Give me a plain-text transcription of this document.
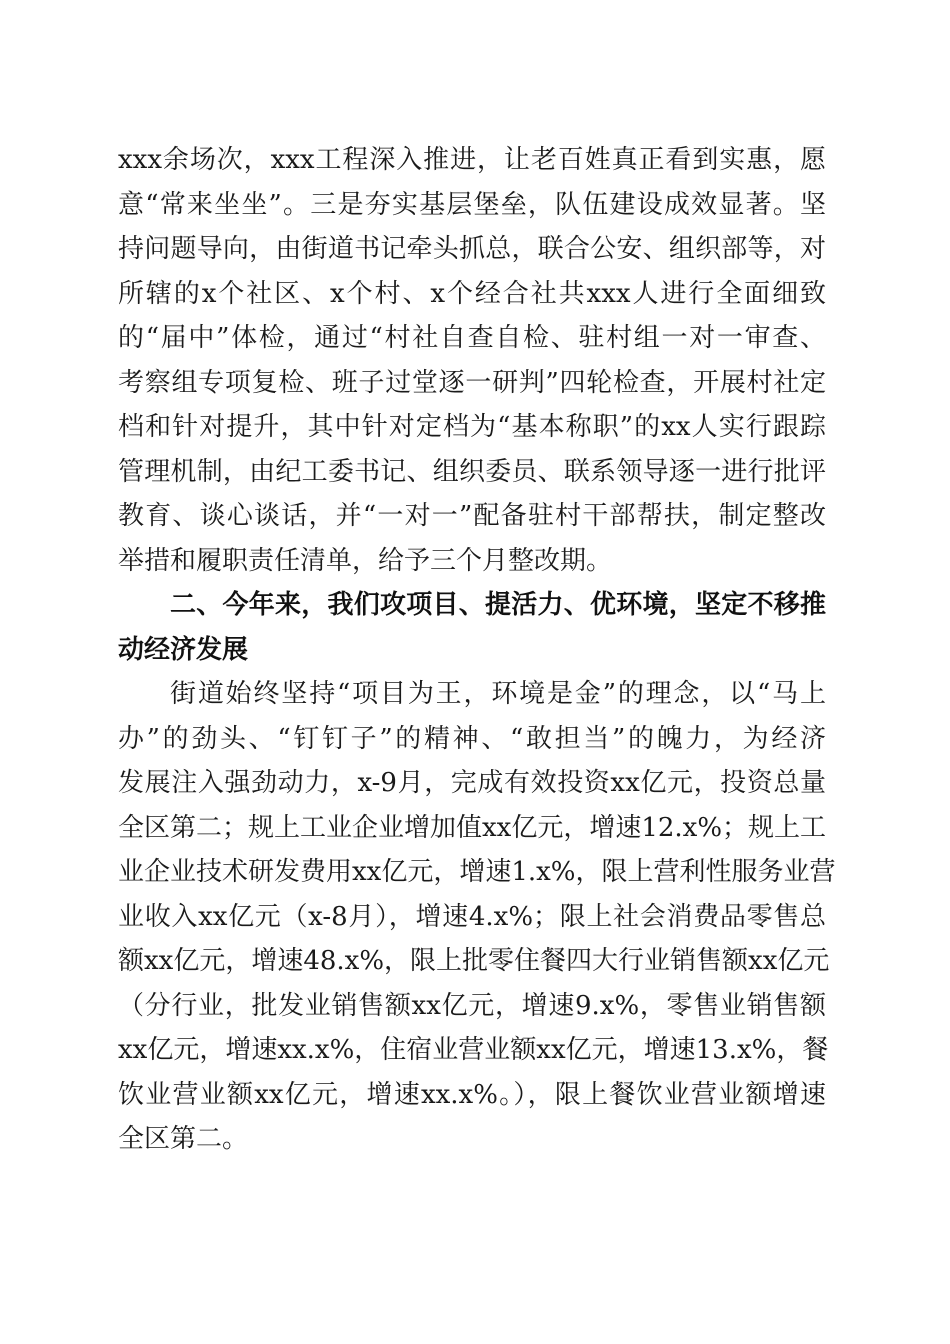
xxx余场次，xxx工程深入推进，让老百姓真正看到实惠，愿
意“常来坐坐”。三是夯实基层堡垒，队伍建设成效显著。坚
持问题导向，由街道书记牵头抓总，联合公安、组织部等，对
所辖的x个社区、x个村、x个经合社共xxx人进行全面细致
的“届中”体检，通过“村社自查自检、驻村组一对一审查、
考察组专项复检、班子过堂逐一研判”四轮检查，开展村社定
档和针对提升，其中针对定档为“基本称职”的xx人实行跟踪
管理机制，由纪工委书记、组织委员、联系领导逐一进行批评
教育、谈心谈话，并“一对一”配备驻村干部帮扶，制定整改
举措和履职责任清单，给予三个月整改期。
二、今年来，我们攻项目、提活力、优环境，坚定不移推
动经济发展
街道始终坚持“项目为王，环境是金”的理念，以“马上
办”的劲头、“钉钉子”的精神、“敢担当”的魄力，为经济
发展注入强劲动力，x-9月，完成有效投资xx亿元，投资总量
全区第二；规上工业企业增加值xx亿元，增速12.x%；规上工
业企业技术研发费用xx亿元，增速1.x%，限上营利性服务业营
业收入xx亿元（x-8月），增速4.x%；限上社会消费品零售总
额xx亿元，增速48.x%，限上批零住餐四大行业销售额xx亿元
（分行业，批发业销售额xx亿元，增速9.x%，零售业销售额
xx亿元，增速xx.x%，住宿业营业额xx亿元，增速13.x%，餐
饮业营业额xx亿元，增速xx.x%。），限上餐饮业营业额增速
全区第二。
